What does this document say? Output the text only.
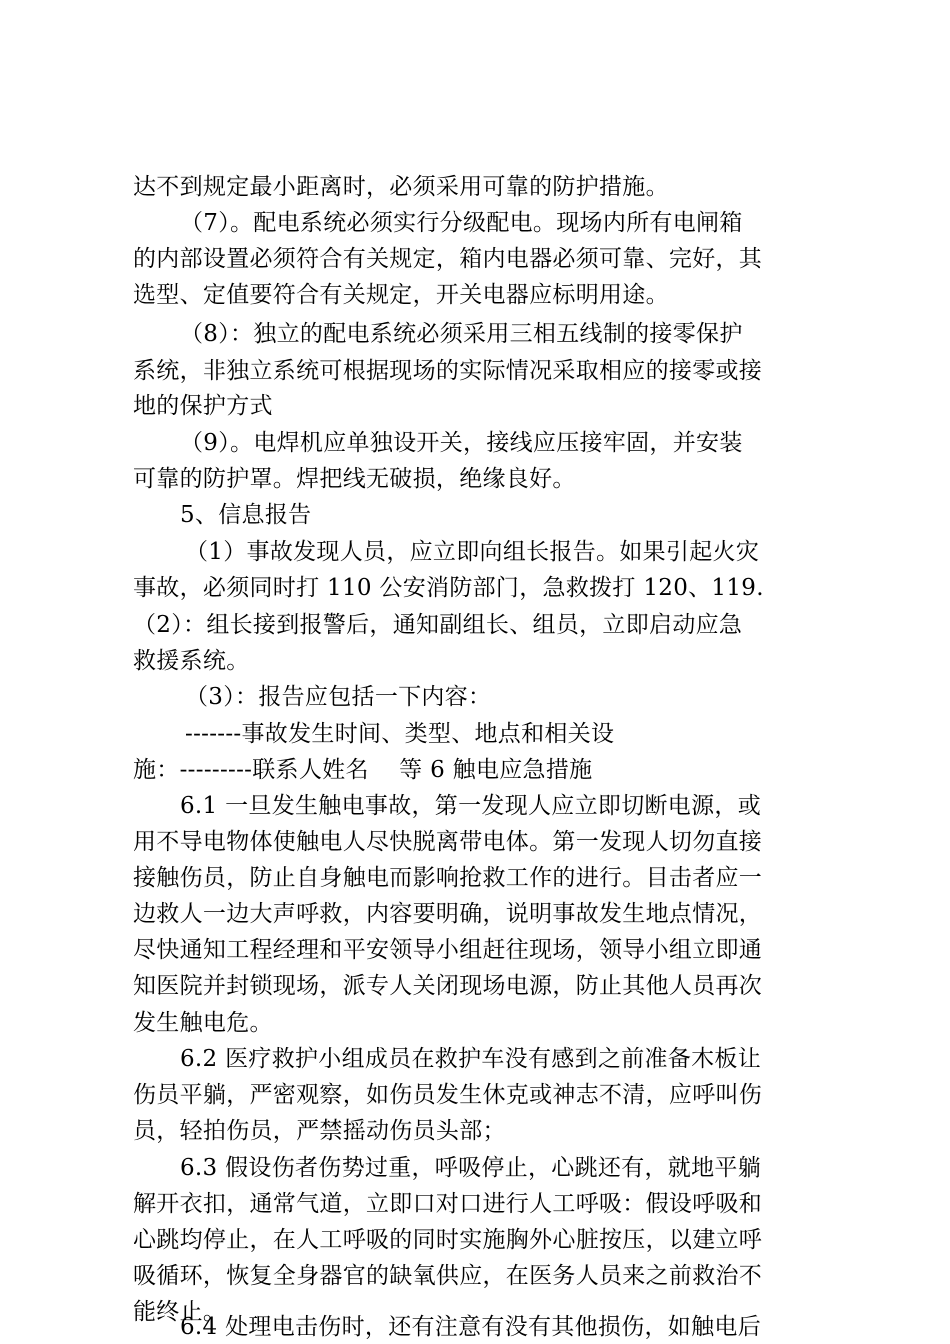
达不到规定最小距离时，必须采用可靠的防护措施。
（7）。配电系统必须实行分级配电。现场内所有电闸箱
的内部设置必须符合有关规定，箱内电器必须可靠、完好，其
选型、定值要符合有关规定，开关电器应标明用途。
（8）：独立的配电系统必须采用三相五线制的接零保护
系统，非独立系统可根据现场的实际情况采取相应的接零或接
地的保护方式
（9）。电焊机应单独设开关，接线应压接牢固，并安装
可靠的防护罩。焊把线无破损，绝缘良好。
5、信息报告
（1）事故发现人员，应立即向组长报告。如果引起火灾
事故，必须同时打 110 公安消防部门，急救拨打 120、119.
（2）：组长接到报警后，通知副组长、组员，立即启动应急
救援系统。
（3）：报告应包括一下内容：
-------事故发生时间、类型、地点和相关设
施：---------联系人姓名    等 6 触电应急措施
6.1 一旦发生触电事故，第一发现人应立即切断电源，或
用不导电物体使触电人尽快脱离带电体。第一发现人切勿直接
接触伤员，防止自身触电而影响抢救工作的进行。目击者应一
边救人一边大声呼救，内容要明确，说明事故发生地点情况，
尽快通知工程经理和平安领导小组赶往现场，领导小组立即通
知医院并封锁现场，派专人关闭现场电源，防止其他人员再次
发生触电危。
6.2 医疗救护小组成员在救护车没有感到之前准备木板让
伤员平躺，严密观察，如伤员发生休克或神志不清，应呼叫伤
员，轻拍伤员，严禁摇动伤员头部；
6.3 假设伤者伤势过重，呼吸停止，心跳还有，就地平躺
解开衣扣，通常气道，立即口对口进行人工呼吸：假设呼吸和
心跳均停止，在人工呼吸的同时实施胸外心脏按压，以建立呼
吸循环，恢复全身器官的缺氧供应，在医务人员来之前救治不
能终止。
6.4 处理电击伤时，还有注意有没有其他损伤，如触电后
